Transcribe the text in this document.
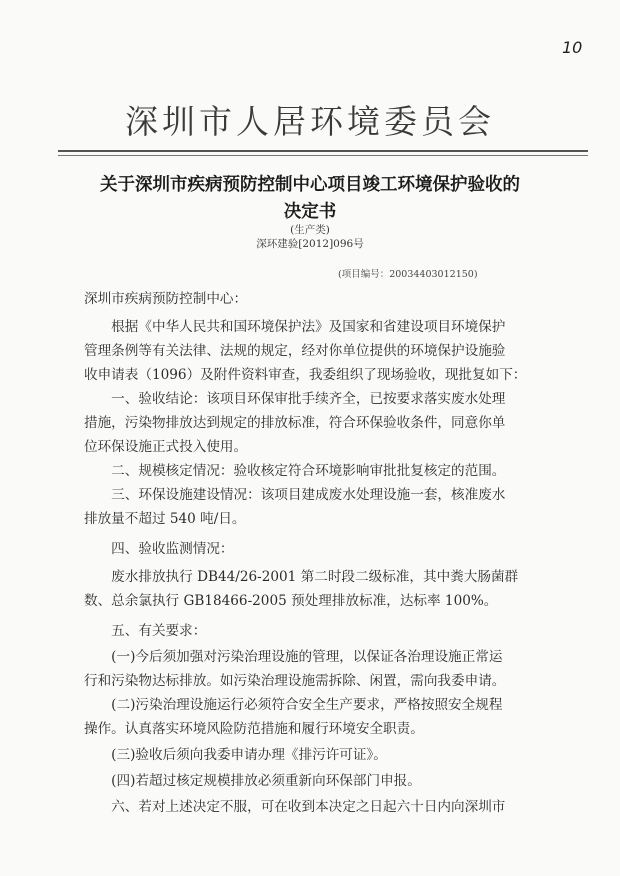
10
深圳市人居环境委员会
关于深圳市疾病预防控制中心项目竣工环境保护验收的
决定书
(生产类)
深环建验[2012]096号
(项目编号：20034403012150)
深圳市疾病预防控制中心：
　　根据《中华人民共和国环境保护法》及国家和省建设项目环境保护
管理条例等有关法律、法规的规定，经对你单位提供的环境保护设施验
收申请表（1096）及附件资料审查，我委组织了现场验收，现批复如下：
　　一、验收结论：该项目环保审批手续齐全，已按要求落实废水处理
措施，污染物排放达到规定的排放标准，符合环保验收条件，同意你单
位环保设施正式投入使用。
　　二、规模核定情况：验收核定符合环境影响审批批复核定的范围。
　　三、环保设施建设情况：该项目建成废水处理设施一套，核准废水
排放量不超过 540 吨/日。
　　四、验收监测情况：
　　废水排放执行 DB44/26-2001 第二时段二级标准，其中粪大肠菌群
数、总余氯执行 GB18466-2005 预处理排放标准，达标率 100%。
　　五、有关要求：
　　(一)今后须加强对污染治理设施的管理，以保证各治理设施正常运
行和污染物达标排放。如污染治理设施需拆除、闲置，需向我委申请。
　　(二)污染治理设施运行必须符合安全生产要求，严格按照安全规程
操作。认真落实环境风险防范措施和履行环境安全职责。
　　(三)验收后须向我委申请办理《排污许可证》。
　　(四)若超过核定规模排放必须重新向环保部门申报。
　　六、若对上述决定不服，可在收到本决定之日起六十日内向深圳市
